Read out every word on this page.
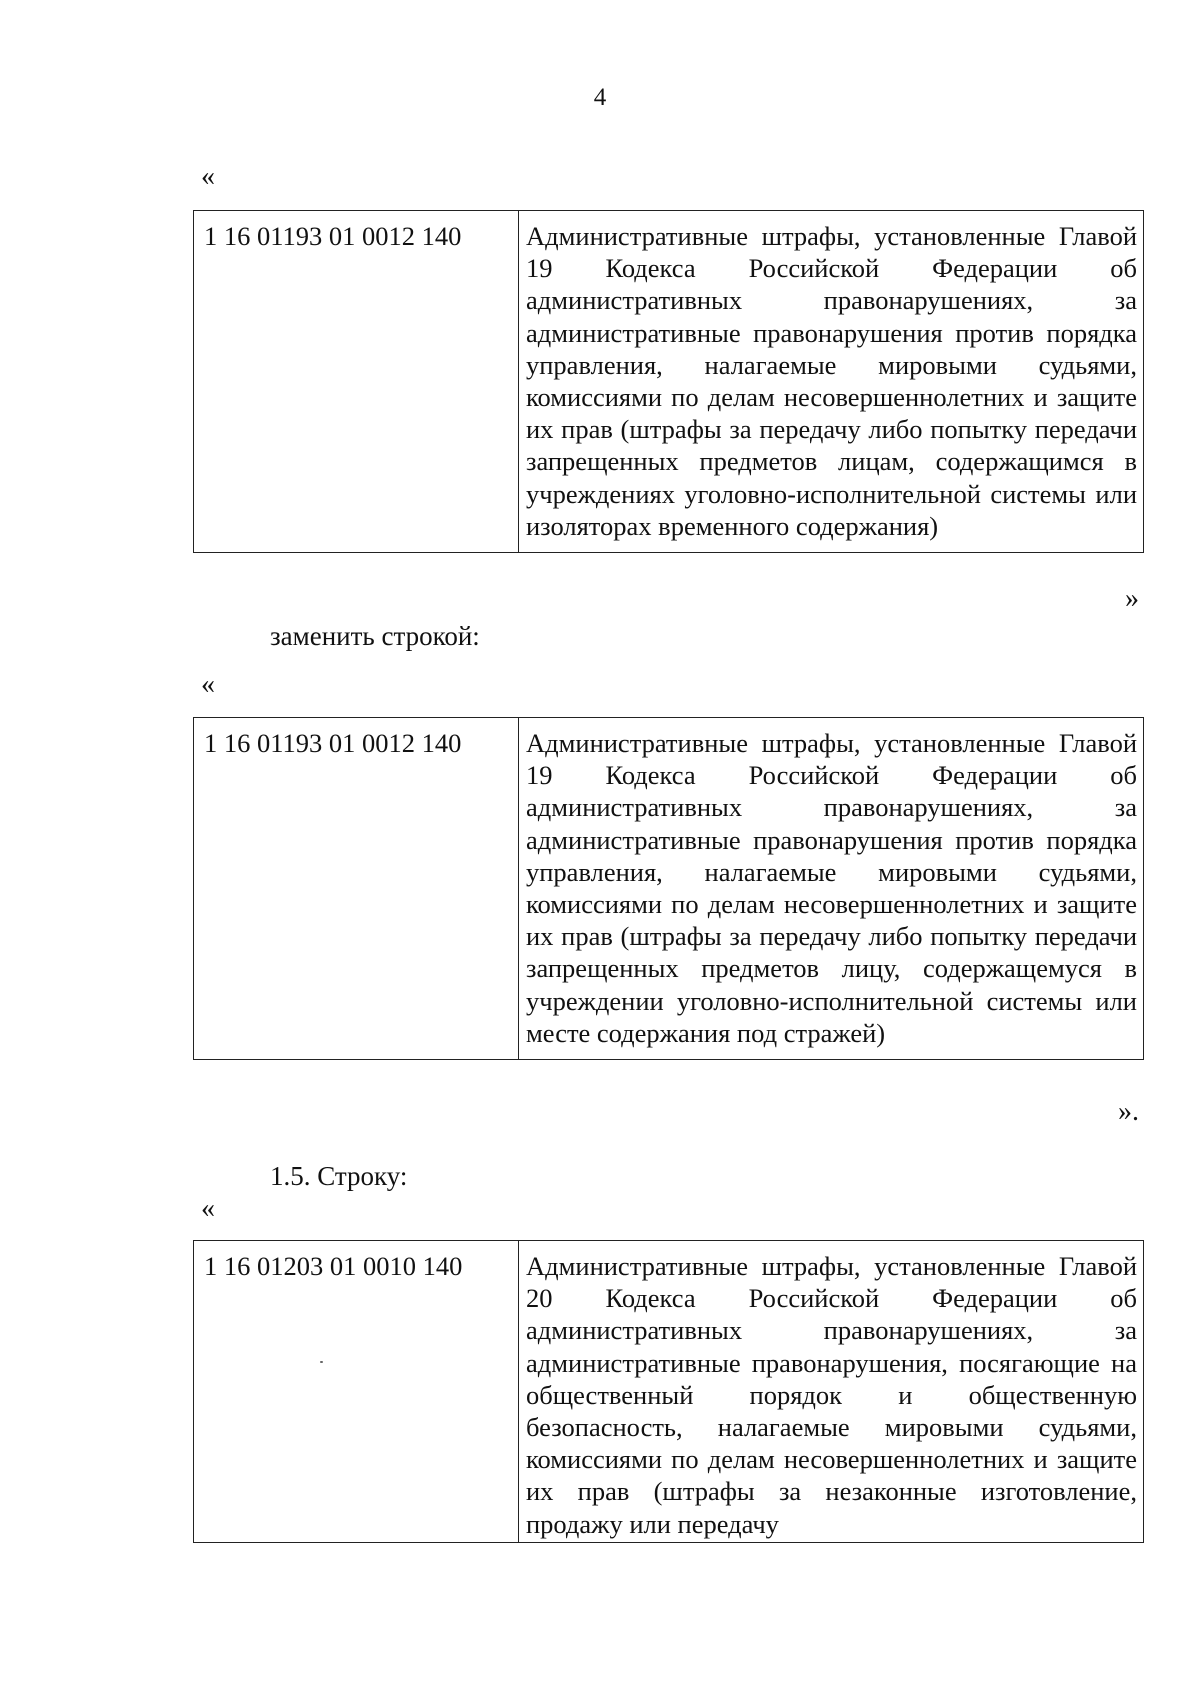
4
«
1 16 01193 01 0012 140	Административные штрафы, установленные Главой 19 Кодекса Российской Федерации об административных правонарушениях, за административные правонарушения против порядка управления, налагаемые мировыми судьями, комиссиями по делам несовершеннолетних и защите их прав (штрафы за передачу либо попытку передачи запрещенных предметов лицам, содержащимся в учреждениях уголовно-исполнительной системы или изоляторах временного содержания)
»
заменить строкой:
«
1 16 01193 01 0012 140	Административные штрафы, установленные Главой 19 Кодекса Российской Федерации об административных правонарушениях, за административные правонарушения против порядка управления, налагаемые мировыми судьями, комиссиями по делам несовершеннолетних и защите их прав (штрафы за передачу либо попытку передачи запрещенных предметов лицу, содержащемуся в учреждении уголовно-исполнительной системы или месте содержания под стражей)
».
1.5. Строку:
«
1 16 01203 01 0010 140	Административные штрафы, установленные Главой 20 Кодекса Российской Федерации об административных правонарушениях, за административные правонарушения, посягающие на общественный порядок и общественную безопасность, налагаемые мировыми судьями, комиссиями по делам несовершеннолетних и защите их прав (штрафы за незаконные изготовление, продажу или передачу
